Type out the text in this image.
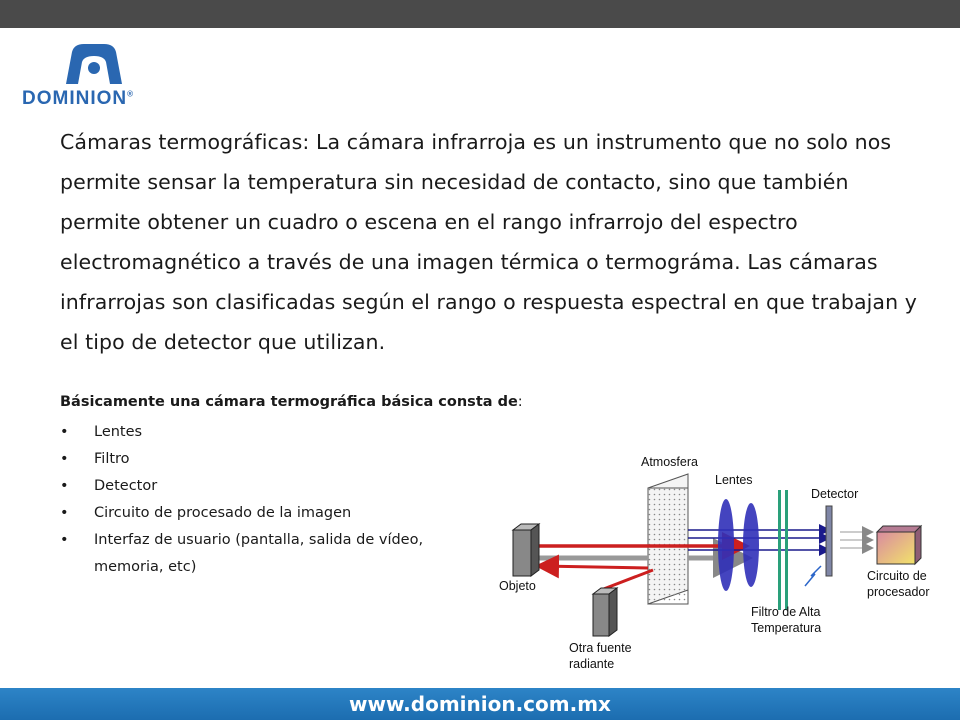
DOMINION®
Cámaras termográficas: La cámara infrarroja es un instrumento que no solo nos permite sensar la temperatura sin necesidad de contacto, sino que también permite obtener un cuadro o escena en el rango infrarrojo del espectro electromagnético a través de una imagen térmica o termográma. Las cámaras infrarrojas son clasificadas según el rango o respuesta espectral en que trabajan y el tipo de detector que utilizan.
Básicamente una cámara termográfica básica consta de:
• Lentes
• Filtro
• Detector
• Circuito de procesado de la imagen
• Interfaz de usuario (pantalla, salida de vídeo, memoria, etc)
Atmosfera
Lentes
Detector
Objeto
Circuito de
procesador
Filtro de Alta
Temperatura
Otra fuente
radiante
www.dominion.com.mx
